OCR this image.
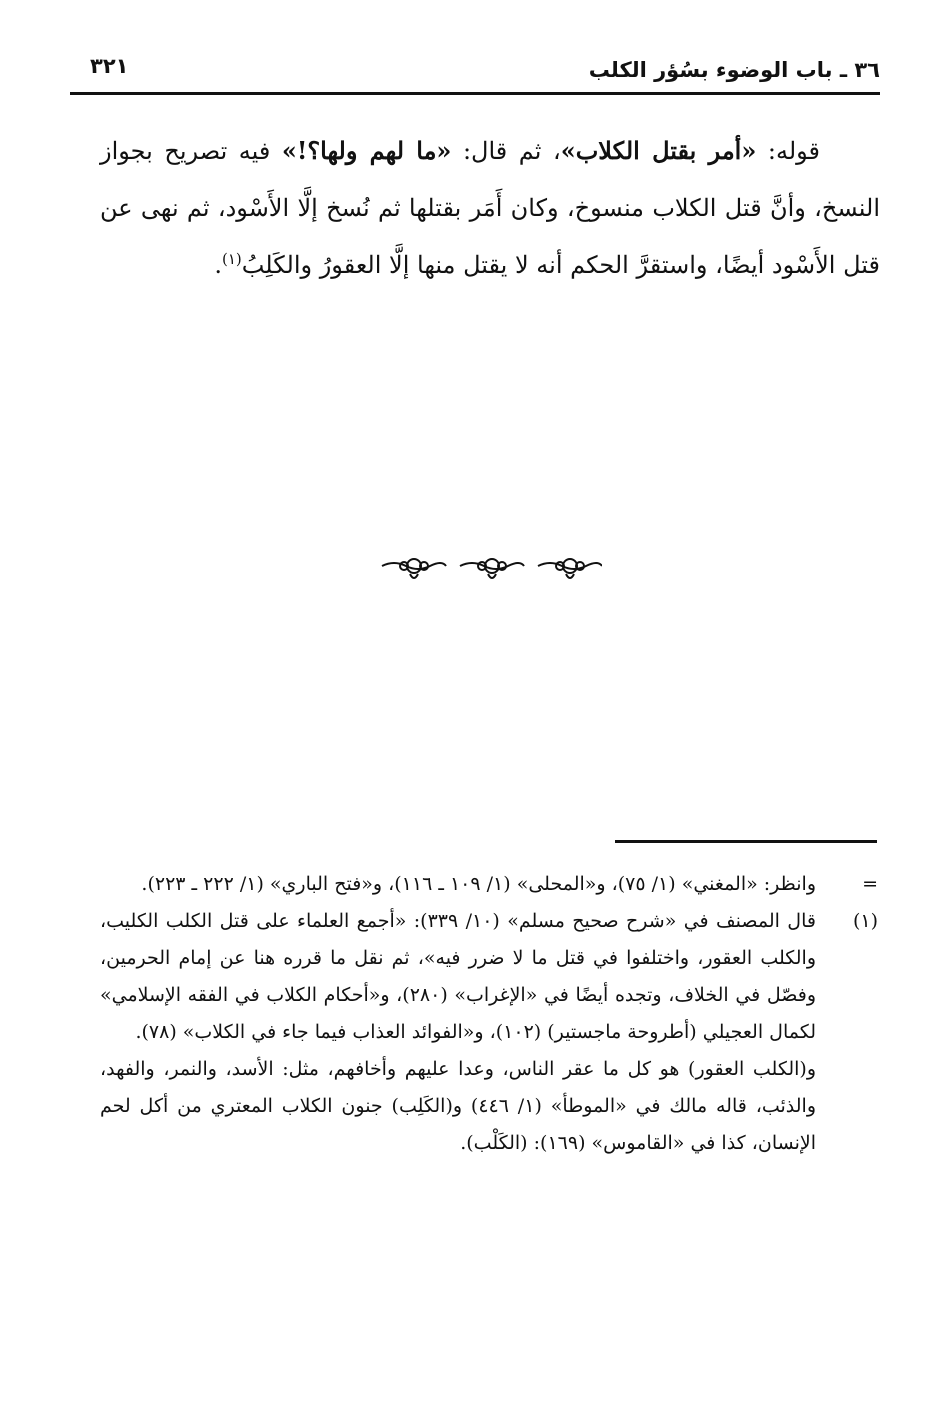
٣٦ ـ باب الوضوء بسُؤر الكلب
٣٢١

قوله: «أمر بقتل الكلاب»، ثم قال: «ما لهم ولها؟!» فيه تصريح بجواز النسخ، وأنَّ قتل الكلاب منسوخ، وكان أَمَر بقتلها ثم نُسخ إلَّا الأَسْود، ثم نهى عن قتل الأَسْود أيضًا، واستقرَّ الحكم أنه لا يقتل منها إلَّا العقورُ والكَلِبُ$^{(١)}$.

=
وانظر: «المغني» (١/ ٧٥)، و«المحلى» (١/ ١٠٩ ـ ١١٦)، و«فتح الباري» (١/ ٢٢٢ ـ ٢٢٣).
(١)
قال المصنف في «شرح صحيح مسلم» (١٠/ ٣٣٩): «أجمع العلماء على قتل الكلب الكليب، والكلب العقور، واختلفوا في قتل ما لا ضرر فيه»، ثم نقل ما قرره هنا عن إمام الحرمين، وفصّل في الخلاف، وتجده أيضًا في «الإغراب» (٢٨٠)، و«أحكام الكلاب في الفقه الإسلامي» لكمال العجيلي (أطروحة ماجستير) (١٠٢)، و«الفوائد العذاب فيما جاء في الكلاب» (٧٨).
و(الكلب العقور) هو كل ما عقر الناس، وعدا عليهم وأخافهم، مثل: الأسد، والنمر، والفهد، والذئب، قاله مالك في «الموطأ» (١/ ٤٤٦) و(الكَلِب) جنون الكلاب المعتري من أكل لحم الإنسان، كذا في «القاموس» (١٦٩): (الكَلْب).
